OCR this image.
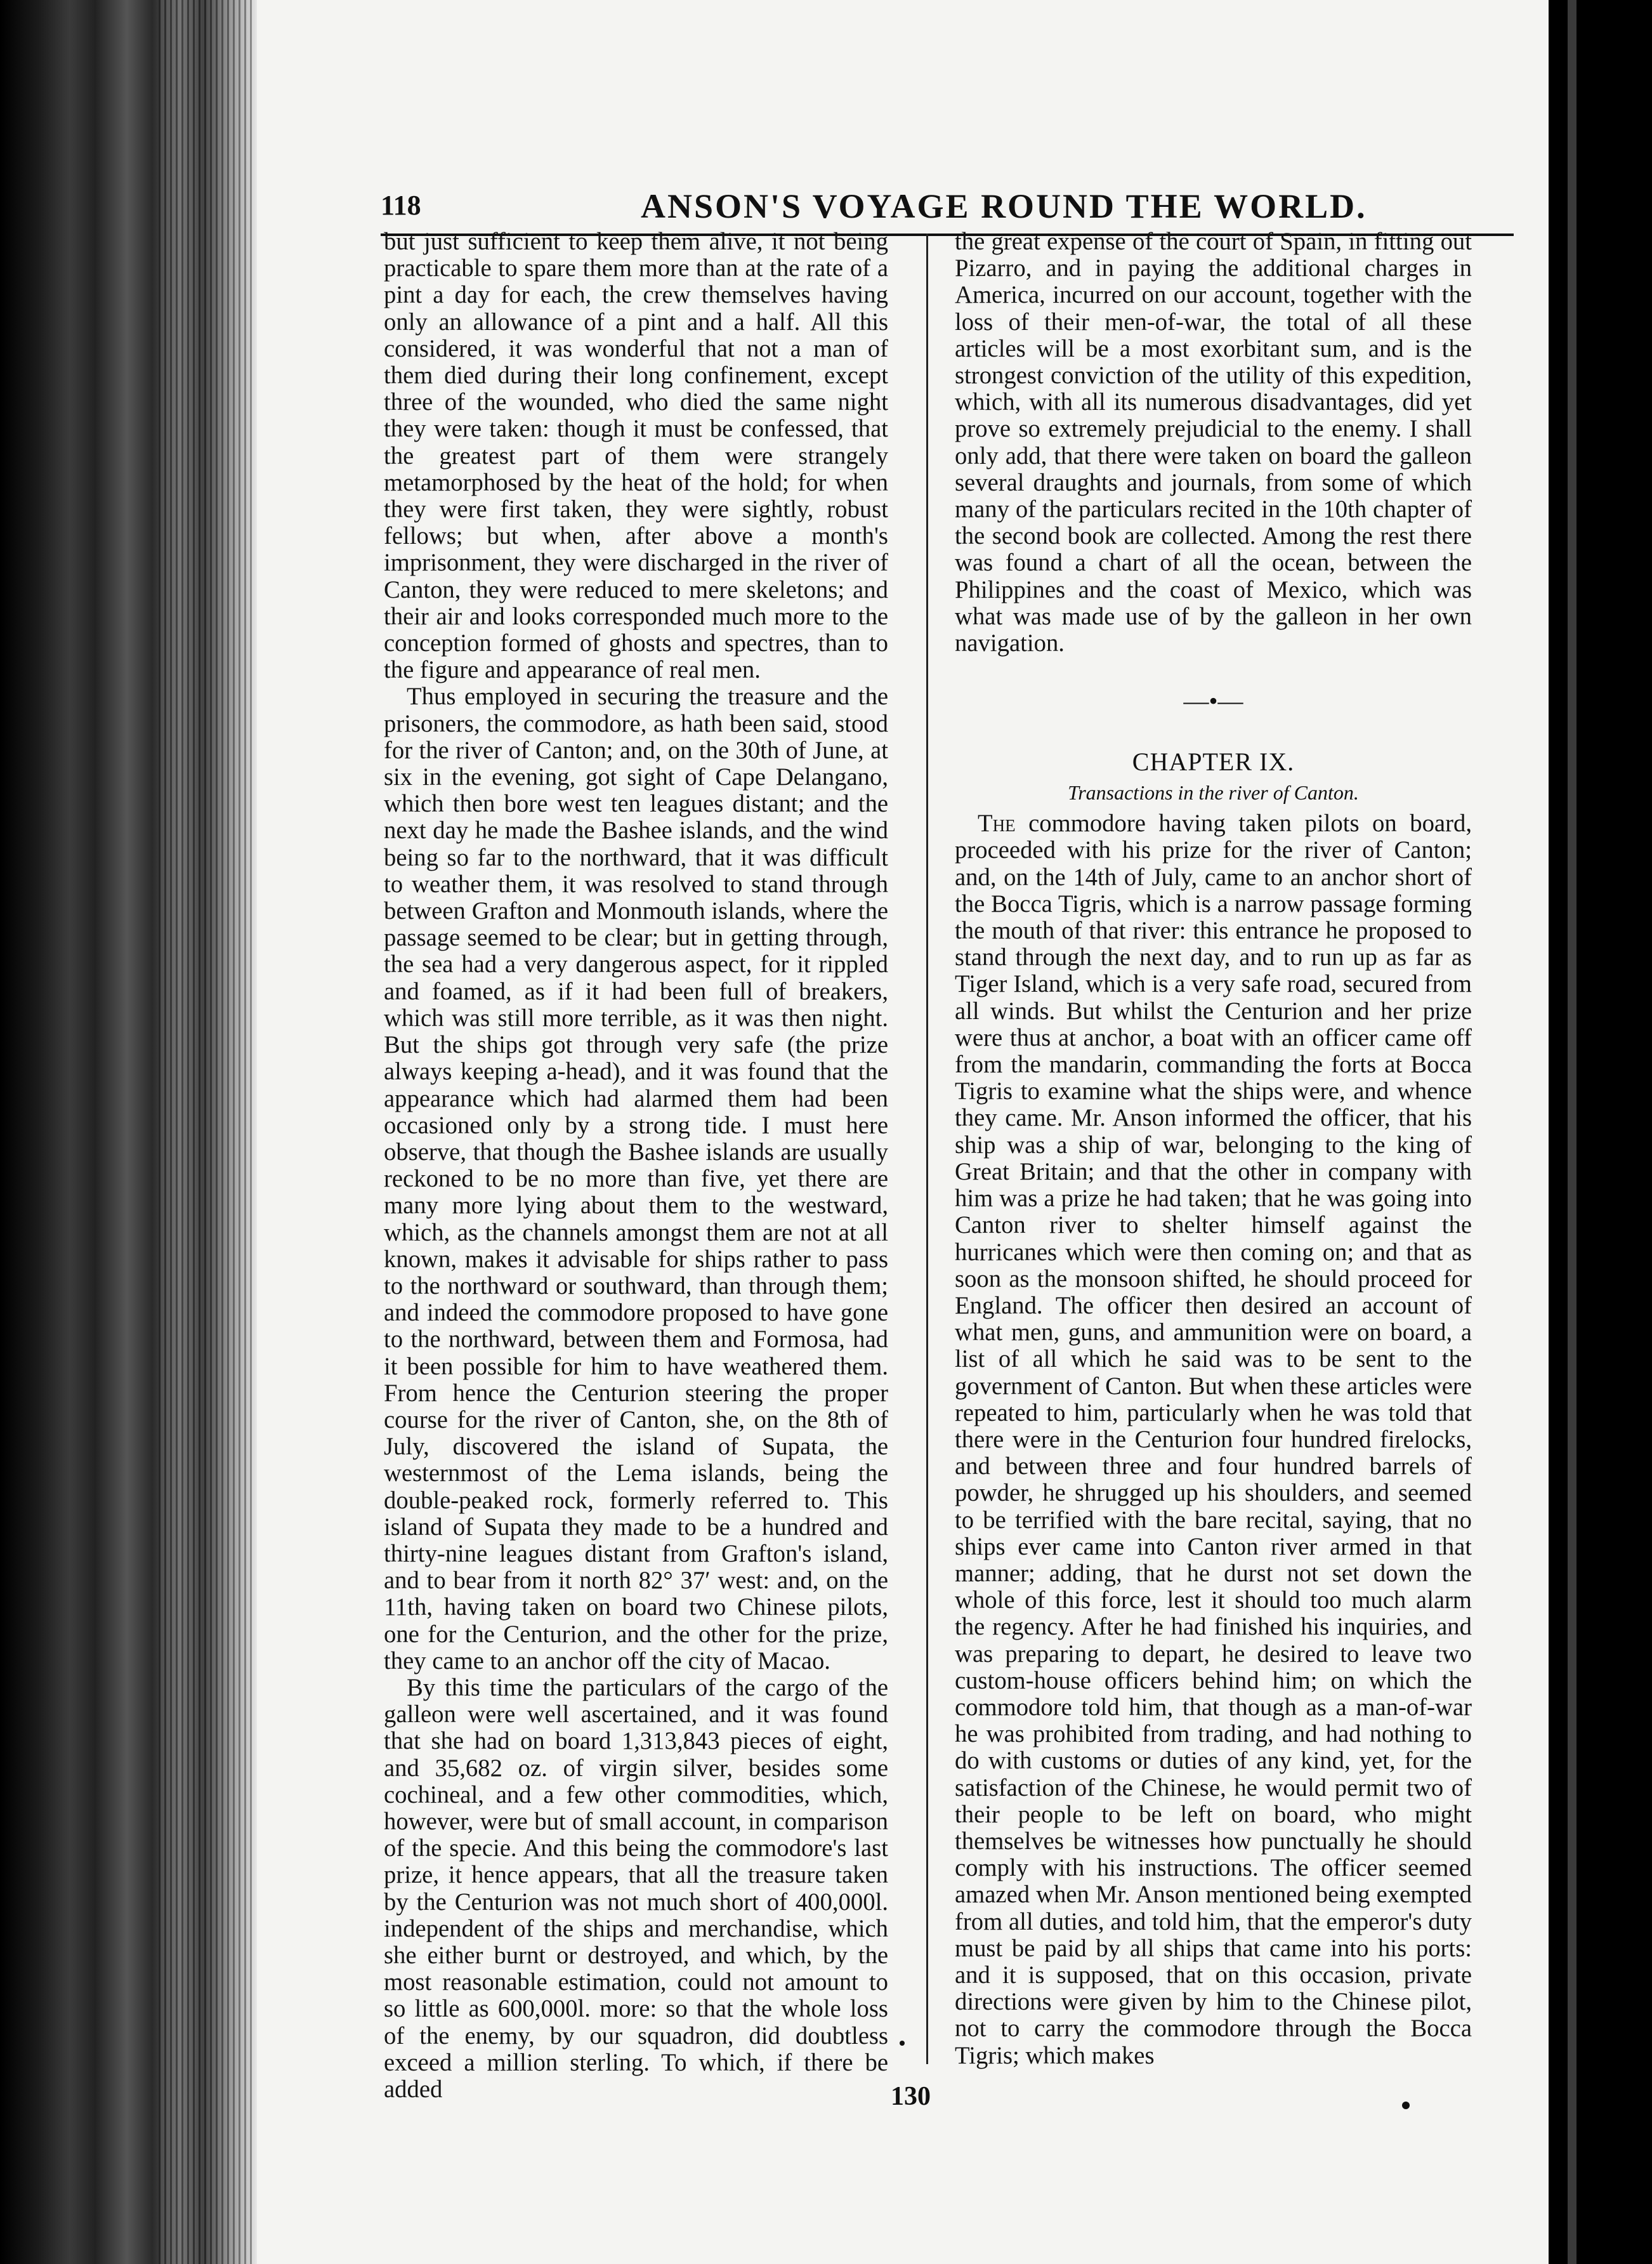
118	ANSON'S VOYAGE ROUND THE WORLD.

but just sufficient to keep them alive, it not being practicable to spare them more than at the rate of a pint a day for each, the crew themselves having only an allowance of a pint and a half. All this considered, it was wonderful that not a man of them died during their long confinement, except three of the wounded, who died the same night they were taken: though it must be confessed, that the greatest part of them were strangely metamorphosed by the heat of the hold; for when they were first taken, they were sightly, robust fellows; but when, after above a month's imprisonment, they were discharged in the river of Canton, they were reduced to mere skeletons; and their air and looks corresponded much more to the conception formed of ghosts and spectres, than to the figure and appearance of real men.

Thus employed in securing the treasure and the prisoners, the commodore, as hath been said, stood for the river of Canton; and, on the 30th of June, at six in the evening, got sight of Cape Delangano, which then bore west ten leagues distant; and the next day he made the Bashee islands, and the wind being so far to the northward, that it was difficult to weather them, it was resolved to stand through between Grafton and Monmouth islands, where the passage seemed to be clear; but in getting through, the sea had a very dangerous aspect, for it rippled and foamed, as if it had been full of breakers, which was still more terrible, as it was then night. But the ships got through very safe (the prize always keeping a-head), and it was found that the appearance which had alarmed them had been occasioned only by a strong tide. I must here observe, that though the Bashee islands are usually reckoned to be no more than five, yet there are many more lying about them to the westward, which, as the channels amongst them are not at all known, makes it advisable for ships rather to pass to the northward or southward, than through them; and indeed the commodore proposed to have gone to the northward, between them and Formosa, had it been possible for him to have weathered them. From hence the Centurion steering the proper course for the river of Canton, she, on the 8th of July, discovered the island of Supata, the westernmost of the Lema islands, being the double-peaked rock, formerly referred to. This island of Supata they made to be a hundred and thirty-nine leagues distant from Grafton's island, and to bear from it north 82° 37′ west: and, on the 11th, having taken on board two Chinese pilots, one for the Centurion, and the other for the prize, they came to an anchor off the city of Macao.

By this time the particulars of the cargo of the galleon were well ascertained, and it was found that she had on board 1,313,843 pieces of eight, and 35,682 oz. of virgin silver, besides some cochineal, and a few other commodities, which, however, were but of small account, in comparison of the specie. And this being the commodore's last prize, it hence appears, that all the treasure taken by the Centurion was not much short of 400,000l. independent of the ships and merchandise, which she either burnt or destroyed, and which, by the most reasonable estimation, could not amount to so little as 600,000l. more: so that the whole loss of the enemy, by our squadron, did doubtless exceed a million sterling. To which, if there be added

the great expense of the court of Spain, in fitting out Pizarro, and in paying the additional charges in America, incurred on our account, together with the loss of their men-of-war, the total of all these articles will be a most exorbitant sum, and is the strongest conviction of the utility of this expedition, which, with all its numerous disadvantages, did yet prove so extremely prejudicial to the enemy. I shall only add, that there were taken on board the galleon several draughts and journals, from some of which many of the particulars recited in the 10th chapter of the second book are collected. Among the rest there was found a chart of all the ocean, between the Philippines and the coast of Mexico, which was what was made use of by the galleon in her own navigation.

—•—

CHAPTER IX.

Transactions in the river of Canton.

The commodore having taken pilots on board, proceeded with his prize for the river of Canton; and, on the 14th of July, came to an anchor short of the Bocca Tigris, which is a narrow passage forming the mouth of that river: this entrance he proposed to stand through the next day, and to run up as far as Tiger Island, which is a very safe road, secured from all winds. But whilst the Centurion and her prize were thus at anchor, a boat with an officer came off from the mandarin, commanding the forts at Bocca Tigris to examine what the ships were, and whence they came. Mr. Anson informed the officer, that his ship was a ship of war, belonging to the king of Great Britain; and that the other in company with him was a prize he had taken; that he was going into Canton river to shelter himself against the hurricanes which were then coming on; and that as soon as the monsoon shifted, he should proceed for England. The officer then desired an account of what men, guns, and ammunition were on board, a list of all which he said was to be sent to the government of Canton. But when these articles were repeated to him, particularly when he was told that there were in the Centurion four hundred firelocks, and between three and four hundred barrels of powder, he shrugged up his shoulders, and seemed to be terrified with the bare recital, saying, that no ships ever came into Canton river armed in that manner; adding, that he durst not set down the whole of this force, lest it should too much alarm the regency. After he had finished his inquiries, and was preparing to depart, he desired to leave two custom-house officers behind him; on which the commodore told him, that though as a man-of-war he was prohibited from trading, and had nothing to do with customs or duties of any kind, yet, for the satisfaction of the Chinese, he would permit two of their people to be left on board, who might themselves be witnesses how punctually he should comply with his instructions. The officer seemed amazed when Mr. Anson mentioned being exempted from all duties, and told him, that the emperor's duty must be paid by all ships that came into his ports: and it is supposed, that on this occasion, private directions were given by him to the Chinese pilot, not to carry the commodore through the Bocca Tigris; which makes

130
